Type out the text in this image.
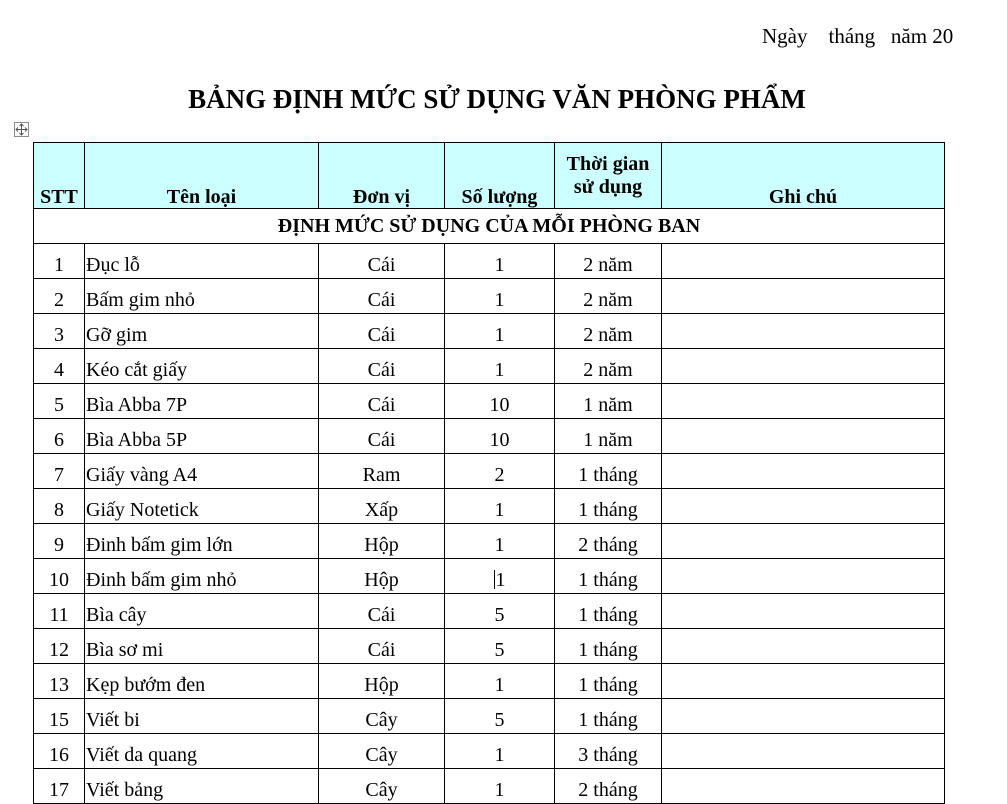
Ngày    tháng   năm 20
BẢNG ĐỊNH MỨC SỬ DỤNG VĂN PHÒNG PHẨM
STT	Tên loại	Đơn vị	Số lượng	Thời gian
sử dụng	Ghi chú
ĐỊNH MỨC SỬ DỤNG CỦA MỖI PHÒNG BAN					
1	Đục lỗ	Cái	1	2 năm	
2	Bấm gim nhỏ	Cái	1	2 năm	
3	Gỡ gim	Cái	1	2 năm	
4	Kéo cắt giấy	Cái	1	2 năm	
5	Bìa Abba 7P	Cái	10	1 năm	
6	Bìa Abba 5P	Cái	10	1 năm	
7	Giấy vàng A4	Ram	2	1 tháng	
8	Giấy Notetick	Xấp	1	1 tháng	
9	Đinh bấm gim lớn	Hộp	1	2 tháng	
10	Đinh bấm gim nhỏ	Hộp	1	1 tháng	
11	Bìa cây	Cái	5	1 tháng	
12	Bìa sơ mi	Cái	5	1 tháng	
13	Kẹp bướm đen	Hộp	1	1 tháng	
15	Viết bi	Cây	5	1 tháng	
16	Viết da quang	Cây	1	3 tháng	
17	Viết bảng	Cây	1	2 tháng	
